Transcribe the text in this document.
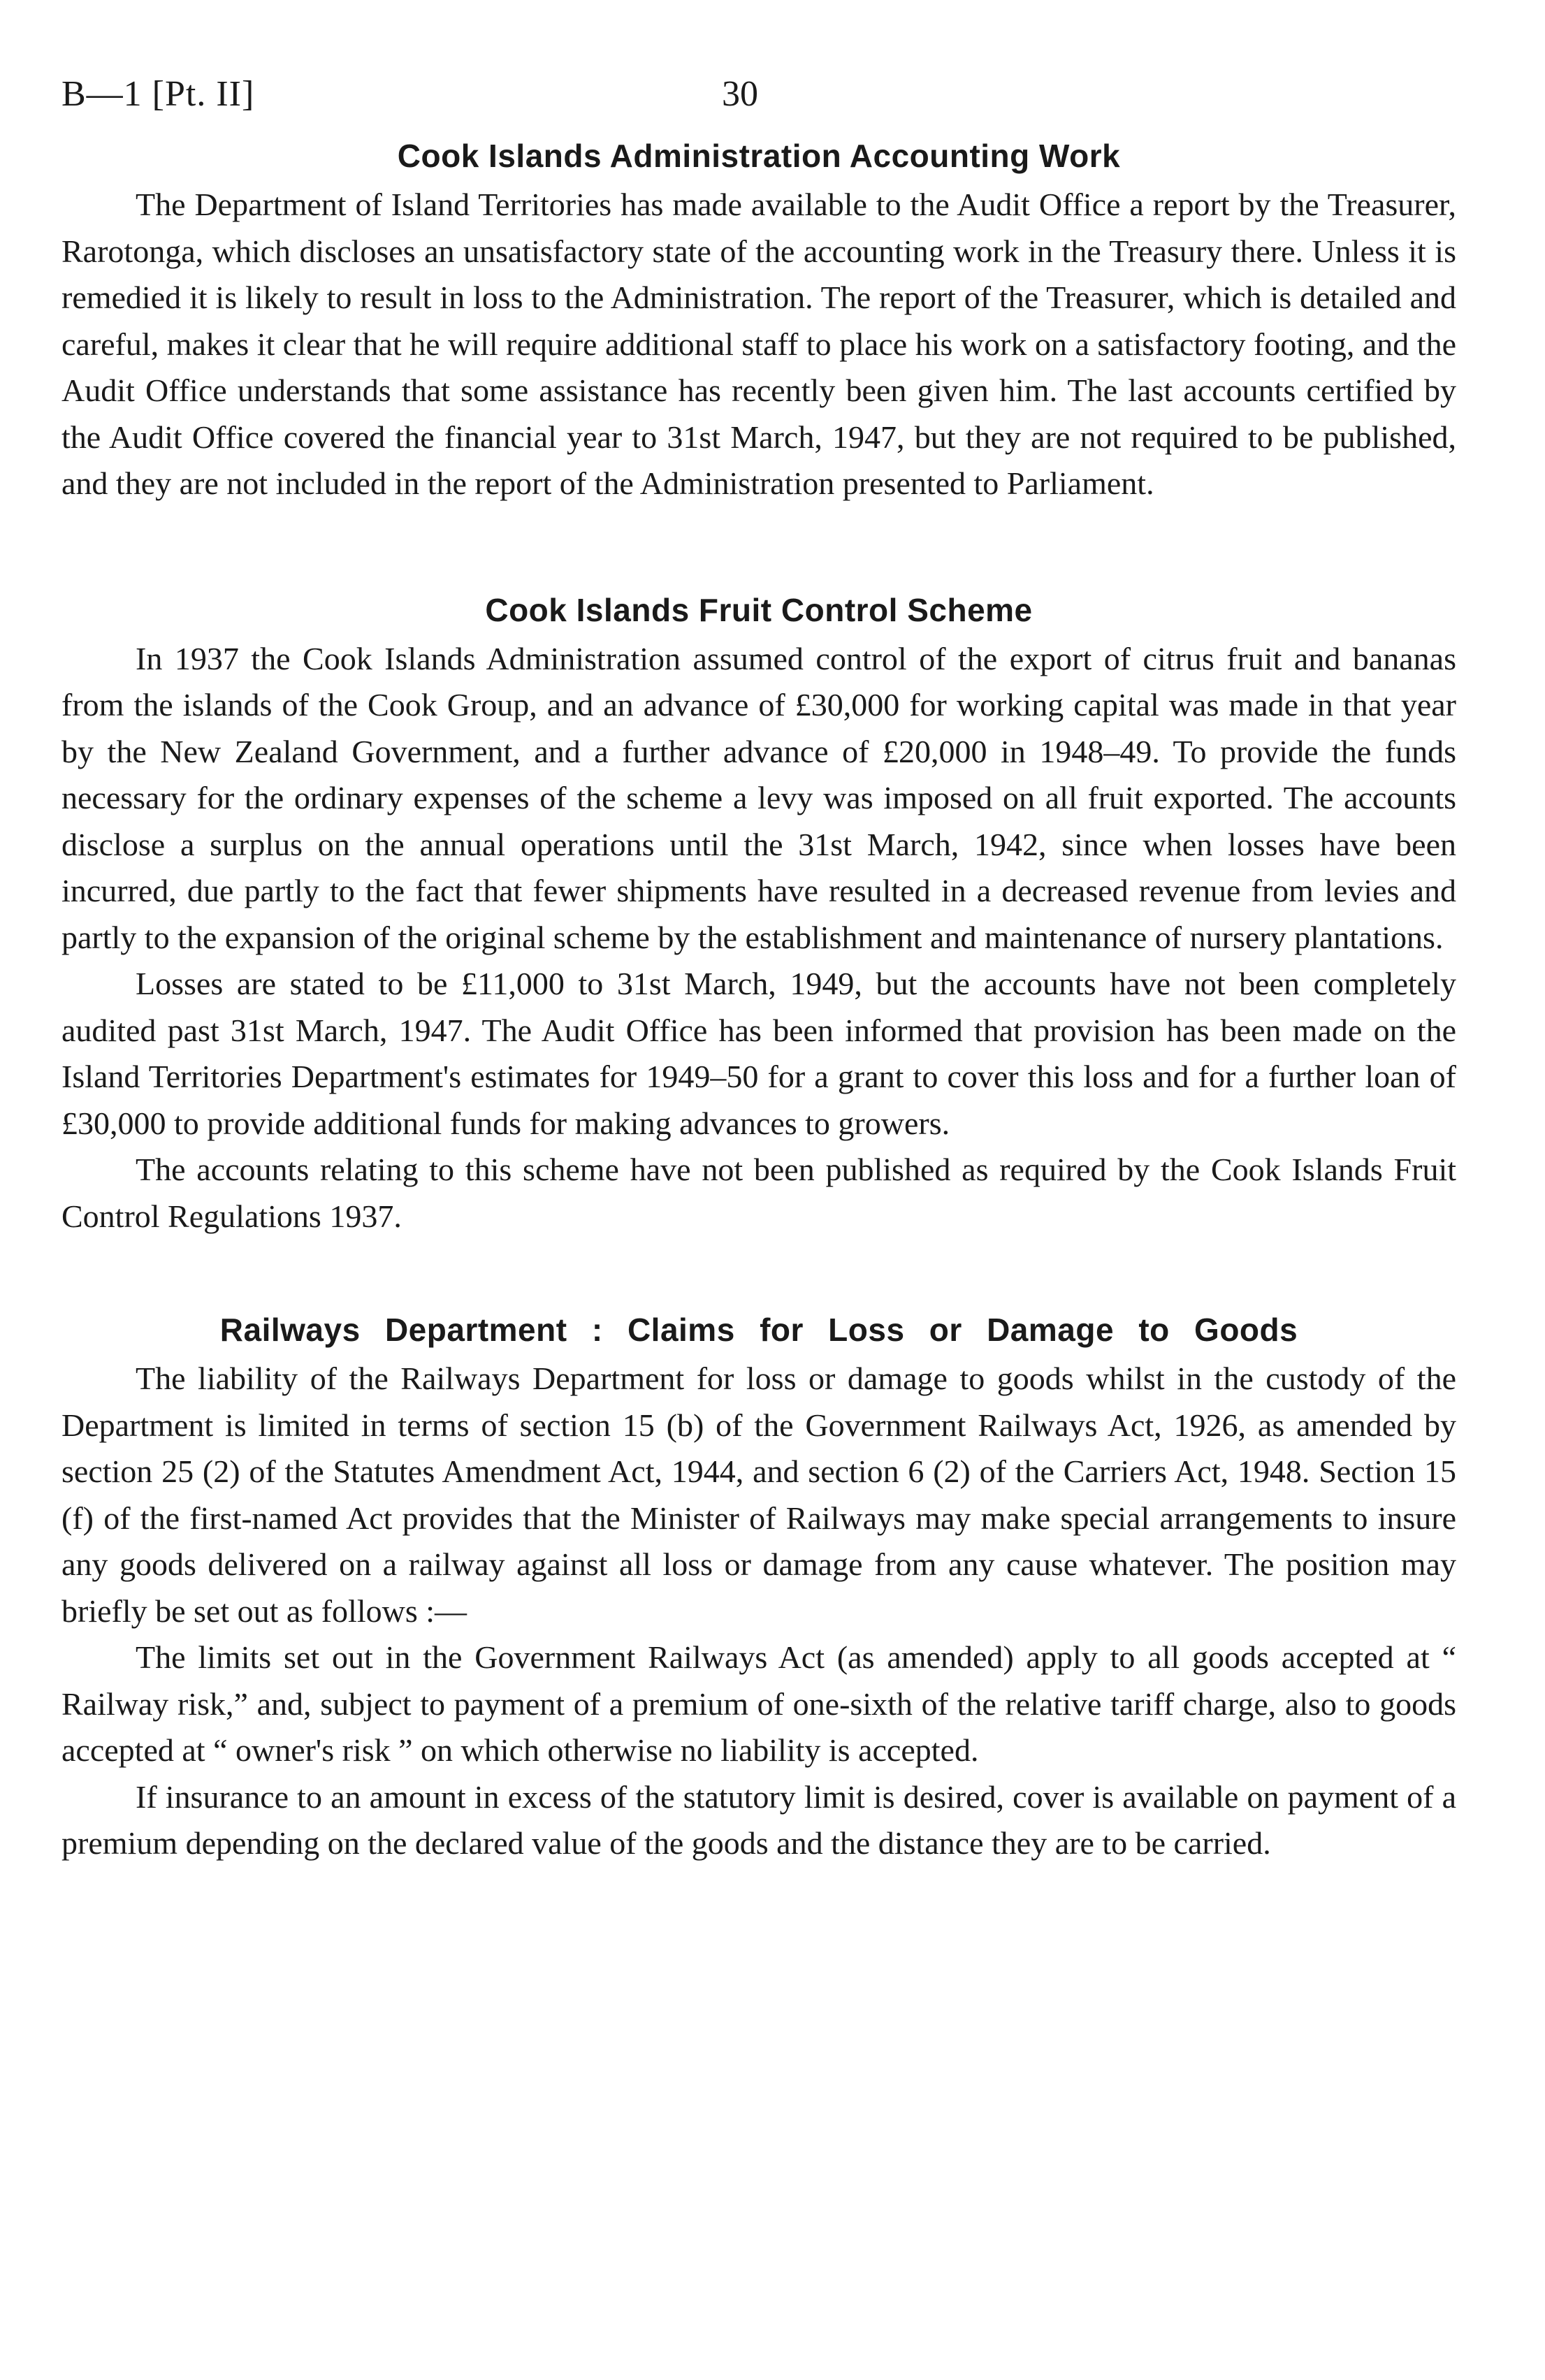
B—1 [Pt. II]	30
Cook Islands Administration Accounting Work

The Department of Island Territories has made available to the Audit Office a report by the Treasurer, Rarotonga, which discloses an unsatisfactory state of the accounting work in the Treasury there. Unless it is remedied it is likely to result in loss to the Administration. The report of the Treasurer, which is detailed and careful, makes it clear that he will require additional staff to place his work on a satisfactory footing, and the Audit Office understands that some assistance has recently been given him. The last accounts certified by the Audit Office covered the financial year to 31st March, 1947, but they are not required to be published, and they are not included in the report of the Administration presented to Parliament.

Cook Islands Fruit Control Scheme

In 1937 the Cook Islands Administration assumed control of the export of citrus fruit and bananas from the islands of the Cook Group, and an advance of £30,000 for working capital was made in that year by the New Zealand Government, and a further advance of £20,000 in 1948–49. To provide the funds necessary for the ordinary expenses of the scheme a levy was imposed on all fruit exported. The accounts disclose a surplus on the annual operations until the 31st March, 1942, since when losses have been incurred, due partly to the fact that fewer shipments have resulted in a decreased revenue from levies and partly to the expansion of the original scheme by the establishment and maintenance of nursery plantations.

Losses are stated to be £11,000 to 31st March, 1949, but the accounts have not been completely audited past 31st March, 1947. The Audit Office has been informed that provision has been made on the Island Territories Department's estimates for 1949–50 for a grant to cover this loss and for a further loan of £30,000 to provide additional funds for making advances to growers.

The accounts relating to this scheme have not been published as required by the Cook Islands Fruit Control Regulations 1937.

Railways Department : Claims for Loss or Damage to Goods

The liability of the Railways Department for loss or damage to goods whilst in the custody of the Department is limited in terms of section 15 (b) of the Government Railways Act, 1926, as amended by section 25 (2) of the Statutes Amendment Act, 1944, and section 6 (2) of the Carriers Act, 1948. Section 15 (f) of the first-named Act provides that the Minister of Railways may make special arrangements to insure any goods delivered on a railway against all loss or damage from any cause whatever. The position may briefly be set out as follows :—

The limits set out in the Government Railways Act (as amended) apply to all goods accepted at “ Railway risk,” and, subject to payment of a premium of one-sixth of the relative tariff charge, also to goods accepted at “ owner's risk ” on which otherwise no liability is accepted.

If insurance to an amount in excess of the statutory limit is desired, cover is available on payment of a premium depending on the declared value of the goods and the distance they are to be carried.
